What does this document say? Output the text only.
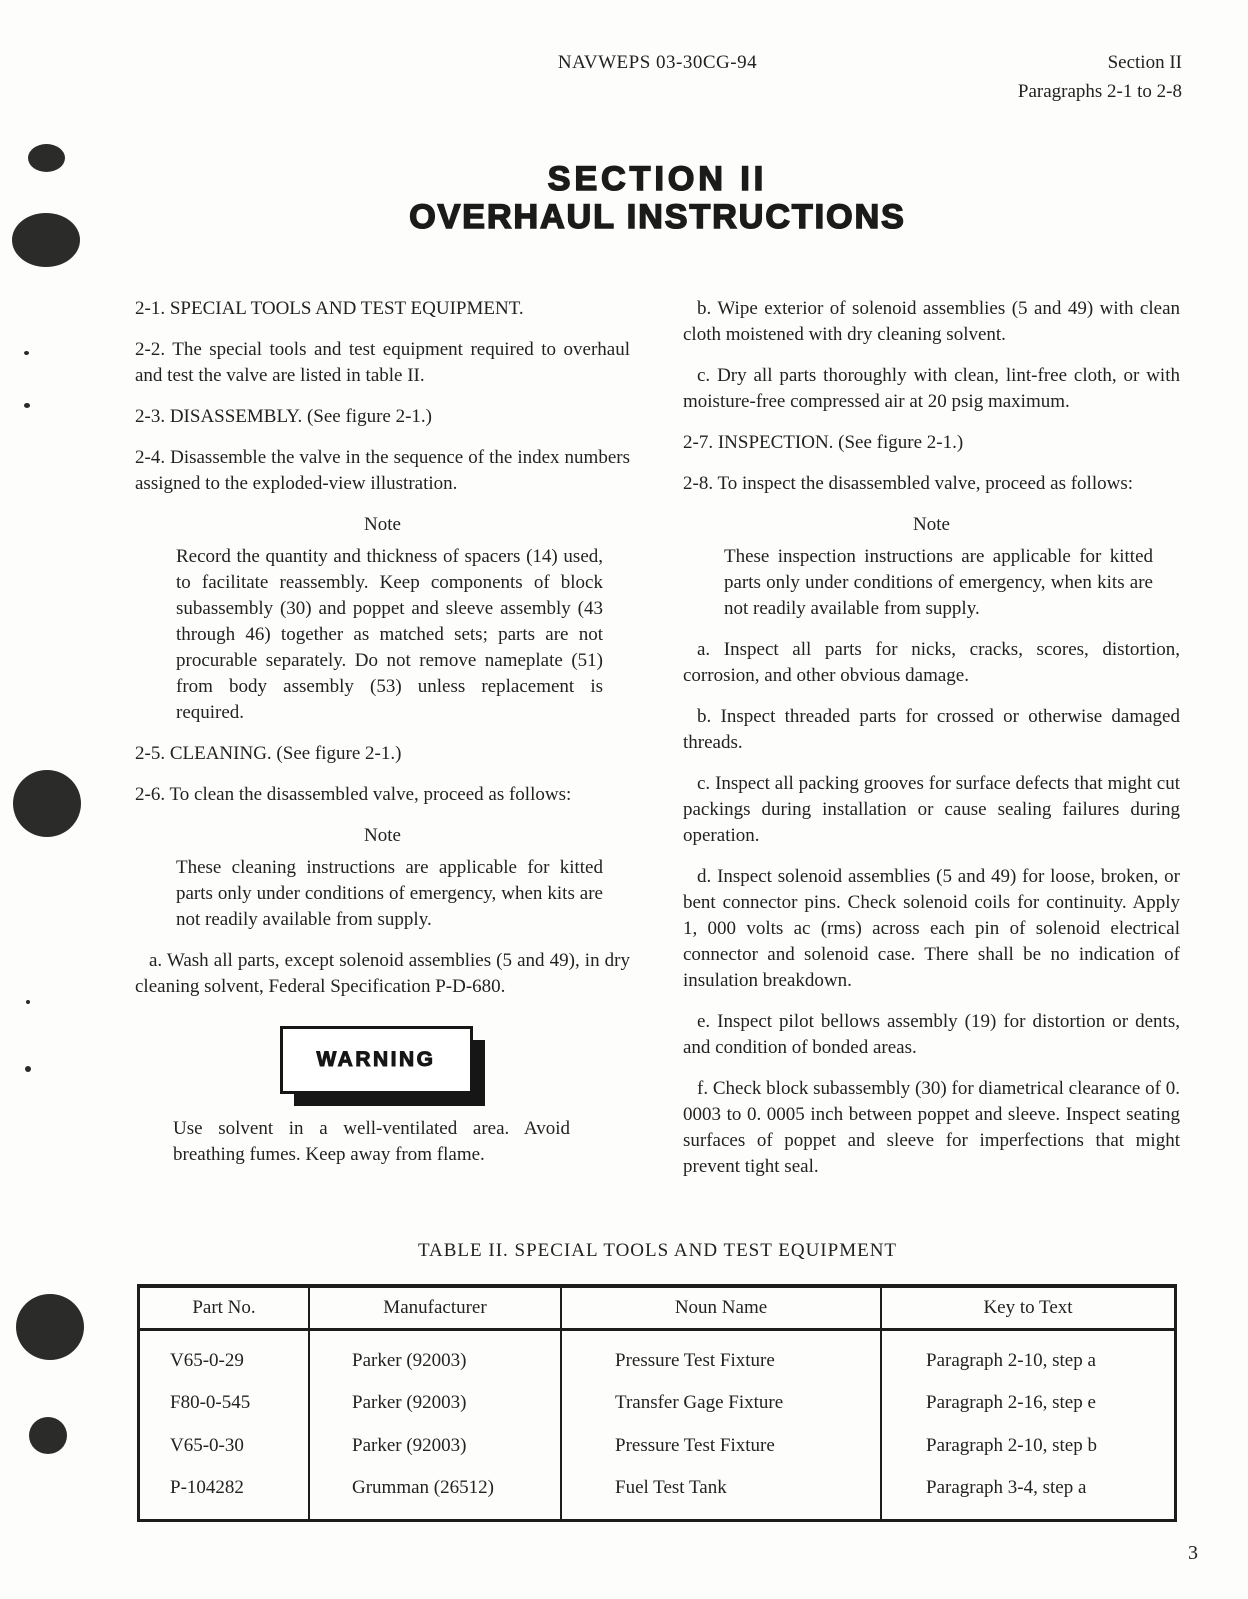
NAVWEPS 03-30CG-94	Section II
Paragraphs 2-1 to 2-8
SECTION II
OVERHAUL INSTRUCTIONS
2-1. SPECIAL TOOLS AND TEST EQUIPMENT.
2-2. The special tools and test equipment required to overhaul and test the valve are listed in table II.
2-3. DISASSEMBLY. (See figure 2-1.)
2-4. Disassemble the valve in the sequence of the index numbers assigned to the exploded-view illustration.
Note
Record the quantity and thickness of spacers (14) used, to facilitate reassembly. Keep components of block subassembly (30) and poppet and sleeve assembly (43 through 46) together as matched sets; parts are not procurable separately. Do not remove nameplate (51) from body assembly (53) unless replacement is required.
2-5. CLEANING. (See figure 2-1.)
2-6. To clean the disassembled valve, proceed as follows:
Note
These cleaning instructions are applicable for kitted parts only under conditions of emergency, when kits are not readily available from supply.
a. Wash all parts, except solenoid assemblies (5 and 49), in dry cleaning solvent, Federal Specification P-D-680.
WARNING
Use solvent in a well-ventilated area. Avoid breathing fumes. Keep away from flame.
b. Wipe exterior of solenoid assemblies (5 and 49) with clean cloth moistened with dry cleaning solvent.
c. Dry all parts thoroughly with clean, lint-free cloth, or with moisture-free compressed air at 20 psig maximum.
2-7. INSPECTION. (See figure 2-1.)
2-8. To inspect the disassembled valve, proceed as follows:
Note
These inspection instructions are applicable for kitted parts only under conditions of emergency, when kits are not readily available from supply.
a. Inspect all parts for nicks, cracks, scores, distortion, corrosion, and other obvious damage.
b. Inspect threaded parts for crossed or otherwise damaged threads.
c. Inspect all packing grooves for surface defects that might cut packings during installation or cause sealing failures during operation.
d. Inspect solenoid assemblies (5 and 49) for loose, broken, or bent connector pins. Check solenoid coils for continuity. Apply 1, 000 volts ac (rms) across each pin of solenoid electrical connector and solenoid case. There shall be no indication of insulation breakdown.
e. Inspect pilot bellows assembly (19) for distortion or dents, and condition of bonded areas.
f. Check block subassembly (30) for diametrical clearance of 0. 0003 to 0. 0005 inch between poppet and sleeve. Inspect seating surfaces of poppet and sleeve for imperfections that might prevent tight seal.
TABLE II. SPECIAL TOOLS AND TEST EQUIPMENT
Part No.	Manufacturer	Noun Name	Key to Text
V65-0-29	Parker (92003)	Pressure Test Fixture	Paragraph 2-10, step a
F80-0-545	Parker (92003)	Transfer Gage Fixture	Paragraph 2-16, step e
V65-0-30	Parker (92003)	Pressure Test Fixture	Paragraph 2-10, step b
P-104282	Grumman (26512)	Fuel Test Tank	Paragraph 3-4, step a
3
